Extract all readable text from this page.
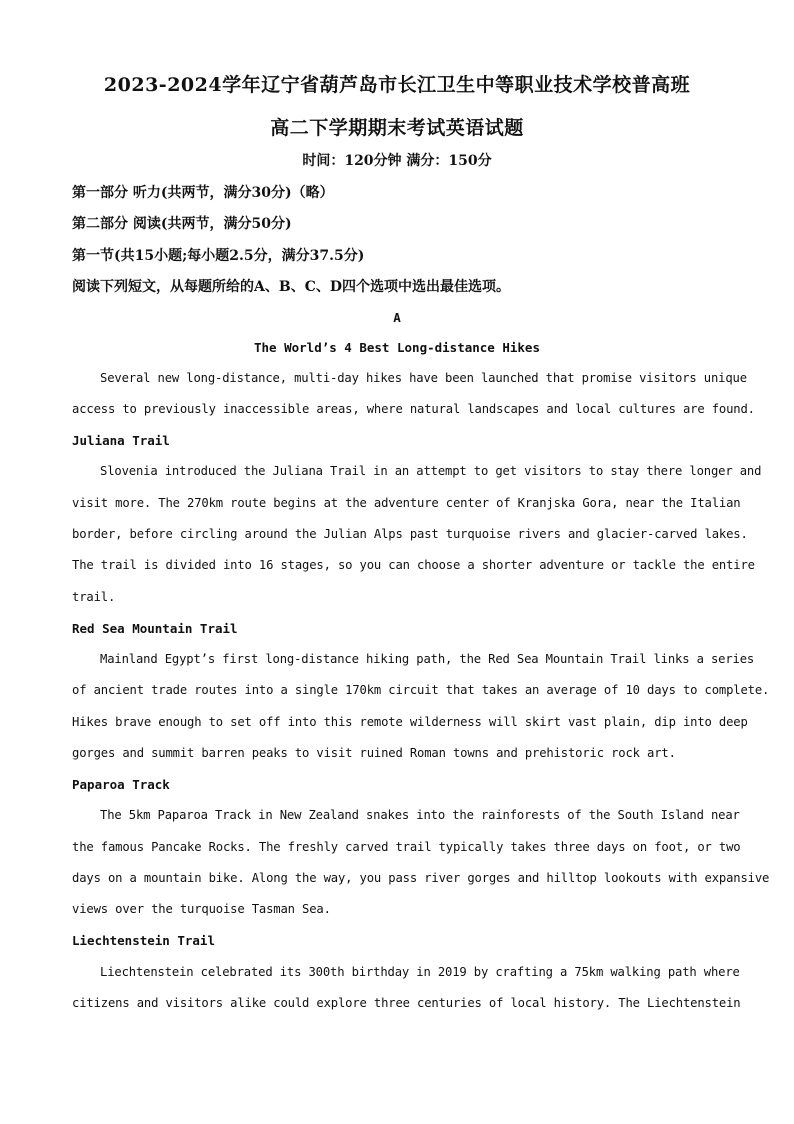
2023-2024学年辽宁省葫芦岛市长江卫生中等职业技术学校普高班
高二下学期期末考试英语试题
时间：120分钟 满分：150分
第一部分 听力(共两节，满分30分)（略）
第二部分 阅读(共两节，满分50分)
第一节(共15小题;每小题2.5分，满分37.5分)
阅读下列短文，从每题所给的A、B、C、D四个选项中选出最佳选项。
A
The World’s 4 Best Long-distance Hikes
Several new long-distance, multi-day hikes have been launched that promise visitors unique
access to previously inaccessible areas, where natural landscapes and local cultures are found.
Juliana Trail
Slovenia introduced the Juliana Trail in an attempt to get visitors to stay there longer and
visit more. The 270km route begins at the adventure center of Kranjska Gora, near the Italian
border, before circling around the Julian Alps past turquoise rivers and glacier-carved lakes.
The trail is divided into 16 stages, so you can choose a shorter adventure or tackle the entire
trail.
Red Sea Mountain Trail
Mainland Egypt’s first long-distance hiking path, the Red Sea Mountain Trail links a series
of ancient trade routes into a single 170km circuit that takes an average of 10 days to complete.
Hikes brave enough to set off into this remote wilderness will skirt vast plain, dip into deep
gorges and summit barren peaks to visit ruined Roman towns and prehistoric rock art.
Paparoa Track
The 5km Paparoa Track in New Zealand snakes into the rainforests of the South Island near
the famous Pancake Rocks. The freshly carved trail typically takes three days on foot, or two
days on a mountain bike. Along the way, you pass river gorges and hilltop lookouts with expansive
views over the turquoise Tasman Sea.
Liechtenstein Trail
Liechtenstein celebrated its 300th birthday in 2019 by crafting a 75km walking path where
citizens and visitors alike could explore three centuries of local history. The Liechtenstein
